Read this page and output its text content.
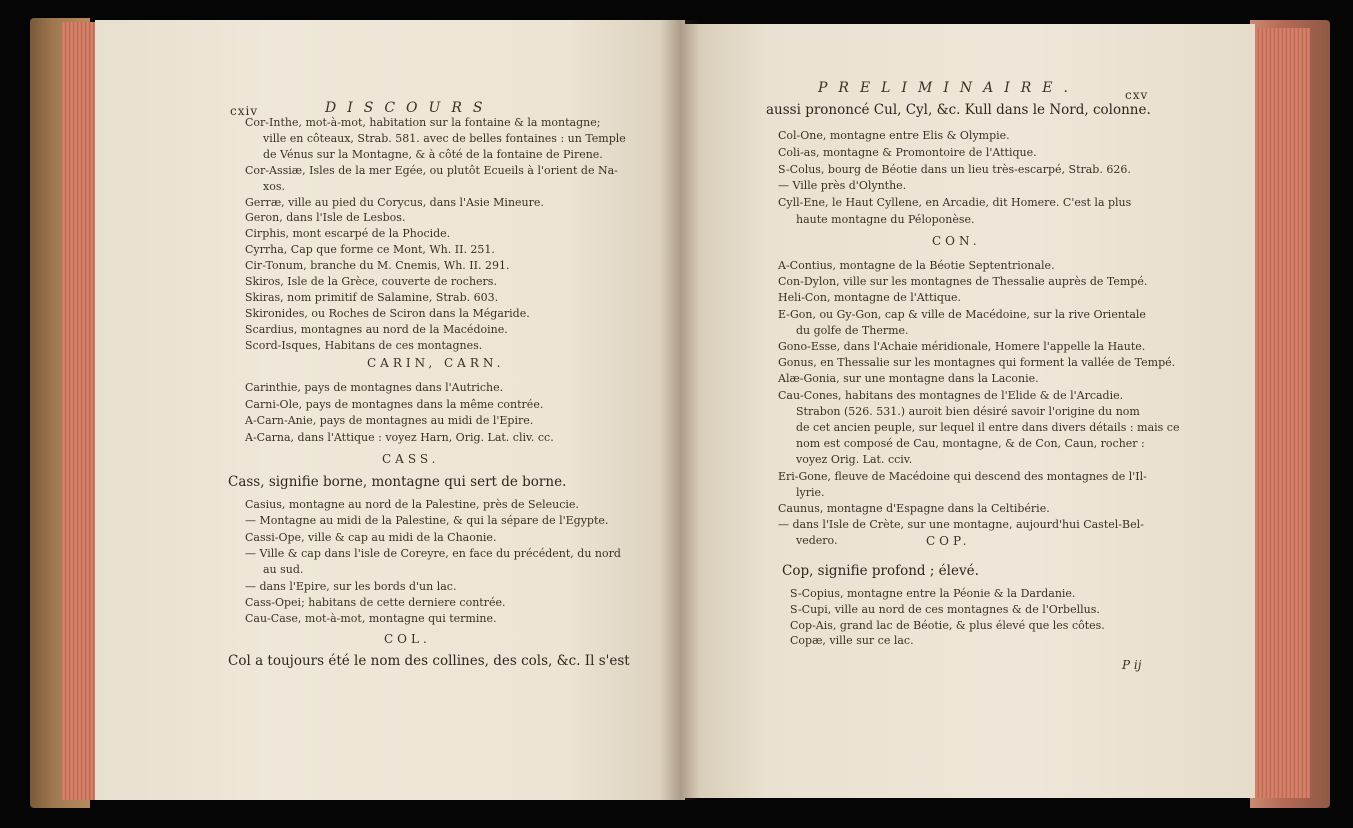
cxiv	DISCOURS
Cor-Inthe, mot-à-mot, habitation sur la fontaine & la montagne;
ville en côteaux, Strab. 581. avec de belles fontaines : un Temple
de Vénus sur la Montagne, & à côté de la fontaine de Pirene.
Cor-Assiæ, Isles de la mer Egée, ou plutôt Ecueils à l'orient de Na-
xos.
Gerræ, ville au pied du Corycus, dans l'Asie Mineure.
Geron, dans l'Isle de Lesbos.
Cirphis, mont escarpé de la Phocide.
Cyrrha, Cap que forme ce Mont, Wh. II. 251.
Cir-Tonum, branche du M. Cnemis, Wh. II. 291.
Skiros, Isle de la Grèce, couverte de rochers.
Skiras, nom primitif de Salamine, Strab. 603.
Skironides, ou Roches de Sciron dans la Mégaride.
Scardius, montagnes au nord de la Macédoine.
Scord-Isques, Habitans de ces montagnes.
CARIN, CARN.
Carinthie, pays de montagnes dans l'Autriche.
Carni-Ole, pays de montagnes dans la même contrée.
A-Carn-Anie, pays de montagnes au midi de l'Epire.
A-Carna, dans l'Attique : voyez Harn, Orig. Lat. cliv. cc.
CASS.
Cass, signifie borne, montagne qui sert de borne.
Casius, montagne au nord de la Palestine, près de Seleucie.
— Montagne au midi de la Palestine, & qui la sépare de l'Egypte.
Cassi-Ope, ville & cap au midi de la Chaonie.
— Ville & cap dans l'isle de Coreyre, en face du précédent, du nord
au sud.
— dans l'Epire, sur les bords d'un lac.
Cass-Opei; habitans de cette derniere contrée.
Cau-Case, mot-à-mot, montagne qui termine.
COL.
Col a toujours été le nom des collines, des cols, &c. Il s'est
PRELIMINAIRE.	cxv
aussi prononcé Cul, Cyl, &c. Kull dans le Nord, colonne.
Col-One, montagne entre Elis & Olympie.
Coli-as, montagne & Promontoire de l'Attique.
S-Colus, bourg de Béotie dans un lieu très-escarpé, Strab. 626.
— Ville près d'Olynthe.
Cyll-Ene, le Haut Cyllene, en Arcadie, dit Homere. C'est la plus
haute montagne du Péloponèse.
CON.
A-Contius, montagne de la Béotie Septentrionale.
Con-Dylon, ville sur les montagnes de Thessalie auprès de Tempé.
Heli-Con, montagne de l'Attique.
E-Gon, ou Gy-Gon, cap & ville de Macédoine, sur la rive Orientale
du golfe de Therme.
Gono-Esse, dans l'Achaie méridionale, Homere l'appelle la Haute.
Gonus, en Thessalie sur les montagnes qui forment la vallée de Tempé.
Alæ-Gonia, sur une montagne dans la Laconie.
Cau-Cones, habitans des montagnes de l'Elide & de l'Arcadie.
Strabon (526. 531.) auroit bien désiré savoir l'origine du nom
de cet ancien peuple, sur lequel il entre dans divers détails : mais ce
nom est composé de Cau, montagne, & de Con, Caun, rocher :
voyez Orig. Lat. cciv.
Eri-Gone, fleuve de Macédoine qui descend des montagnes de l'Il-
lyrie.
Caunus, montagne d'Espagne dans la Celtibérie.
— dans l'Isle de Crète, sur une montagne, aujourd'hui Castel-Bel-
vedero.	COP.
Cop, signifie profond ; élevé.
S-Copius, montagne entre la Péonie & la Dardanie.
S-Cupi, ville au nord de ces montagnes & de l'Orbellus.
Cop-Ais, grand lac de Béotie, & plus élevé que les côtes.
Copæ, ville sur ce lac.
P ij
